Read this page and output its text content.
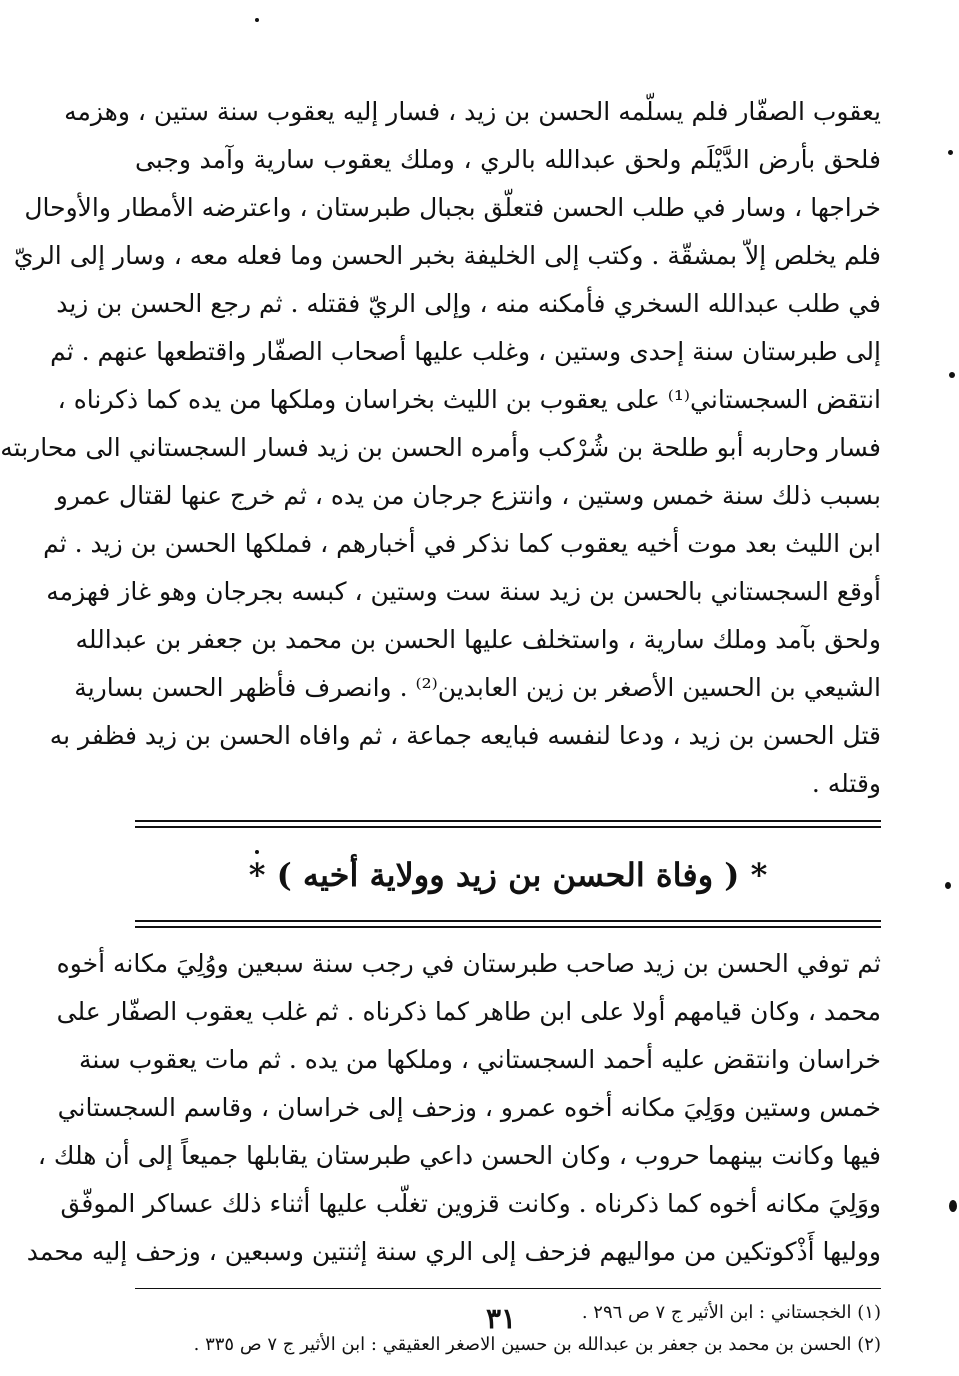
يعقوب الصفّار فلم يسلّمه الحسن بن زيد ، فسار إليه يعقوب سنة ستين ، وهزمه
فلحق بأرض الدَّيْلَم ولحق عبدالله بالري ، وملك يعقوب سارية وآمد وجبى
خراجها ، وسار في طلب الحسن فتعلّق بجبال طبرستان ، واعترضه الأمطار والأوحال
فلم يخلص إلاّ بمشقّة . وكتب إلى الخليفة بخبر الحسن وما فعله معه ، وسار إلى الريّ
في طلب عبدالله السخري فأمكنه منه ، وإلى الريّ فقتله . ثم رجع الحسن بن زيد
إلى طبرستان سنة إحدى وستين ، وغلب عليها أصحاب الصفّار واقتطعها عنهم . ثم
انتقض السجستاني⁽¹⁾ على يعقوب بن الليث بخراسان وملكها من يده كما ذكرناه ،
فسار وحاربه أبو طلحة بن شُرْكب وأمره الحسن بن زيد فسار السجستاني الى محاربته
بسبب ذلك سنة خمس وستين ، وانتزع جرجان من يده ، ثم خرج عنها لقتال عمرو
ابن الليث بعد موت أخيه يعقوب كما نذكر في أخبارهم ، فملكها الحسن بن زيد . ثم
أوقع السجستاني بالحسن بن زيد سنة ست وستين ، كبسه بجرجان وهو غاز فهزمه
ولحق بآمد وملك سارية ، واستخلف عليها الحسن بن محمد بن جعفر بن عبدالله
الشيعي بن الحسين الأصغر بن زين العابدين⁽²⁾ . وانصرف فأظهر الحسن بسارية
قتل الحسن بن زيد ، ودعا لنفسه فبايعه جماعة ، ثم وافاه الحسن بن زيد فظفر به
وقتله .
* ( وفاة الحسن بن زيد وولاية أخيه ) *
ثم توفي الحسن بن زيد صاحب طبرستان في رجب سنة سبعين ووُلِيَ مكانه أخوه
محمد ، وكان قيامهم أولا على ابن طاهر كما ذكرناه . ثم غلب يعقوب الصفّار على
خراسان وانتقض عليه أحمد السجستاني ، وملكها من يده . ثم مات يعقوب سنة
خمس وستين ووَلِيَ مكانه أخوه عمرو ، وزحف إلى خراسان ، وقاسم السجستاني
فيها وكانت بينهما حروب ، وكان الحسن داعي طبرستان يقابلها جميعاً إلى أن هلك ،
ووَلِيَ مكانه أخوه كما ذكرناه . وكانت قزوين تغلّب عليها أثناء ذلك عساكر الموفّق
ووليها أَذْكوتكين من مواليهم فزحف إلى الري سنة إثنتين وسبعين ، وزحف إليه محمد
(١) الخجستاني : ابن الأثير ج ٧ ص ٢٩٦ .
(٢) الحسن بن محمد بن جعفر بن عبدالله بن حسين الاصغر العقيقي : ابن الأثير ج ٧ ص ٣٣٥ .
٣١
